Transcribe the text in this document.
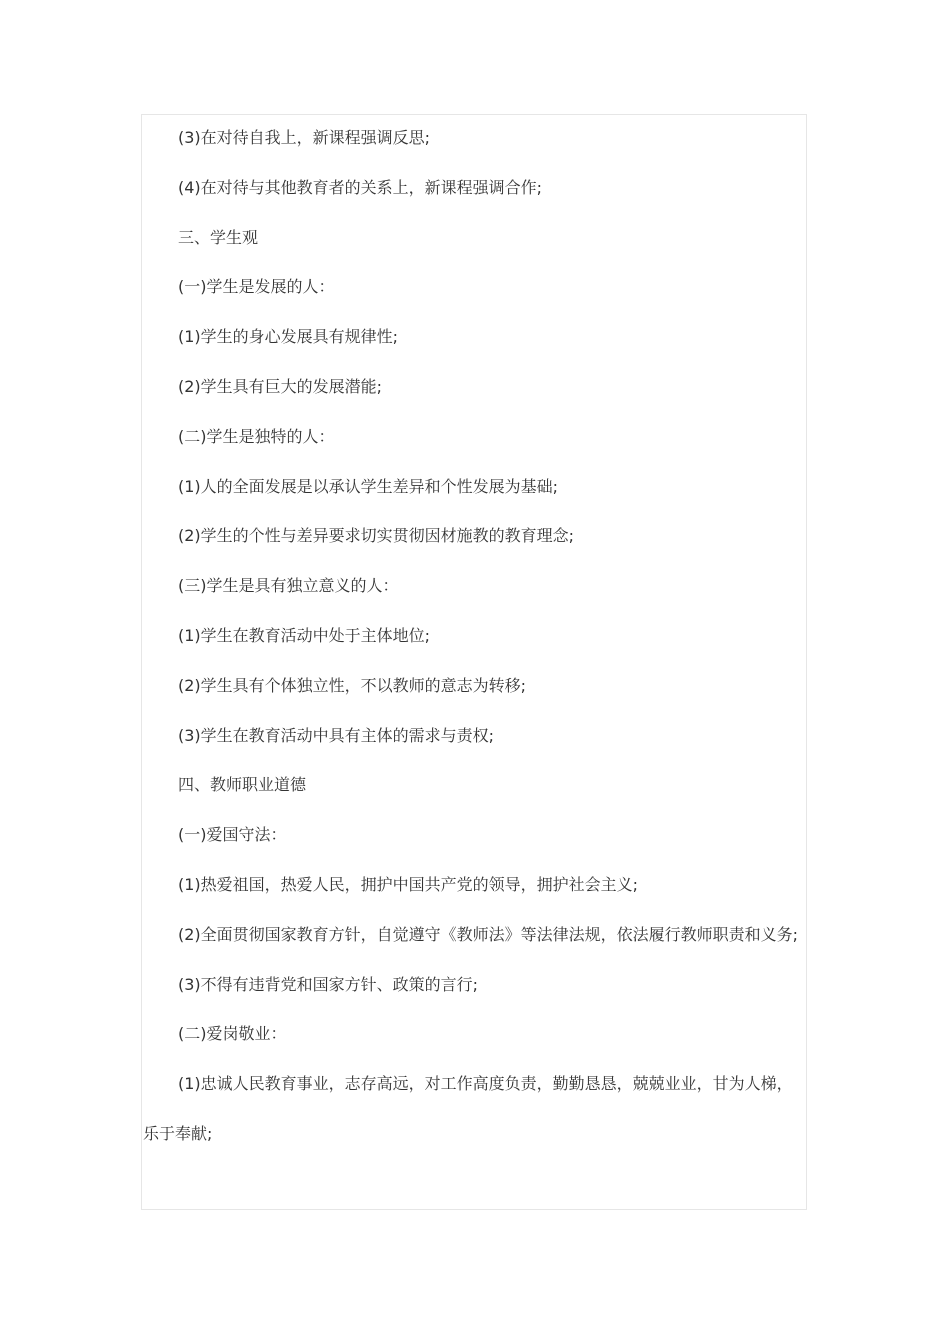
(3)在对待自我上，新课程强调反思;

(4)在对待与其他教育者的关系上，新课程强调合作;

三、学生观

(一)学生是发展的人：

(1)学生的身心发展具有规律性;

(2)学生具有巨大的发展潜能;

(二)学生是独特的人：

(1)人的全面发展是以承认学生差异和个性发展为基础;

(2)学生的个性与差异要求切实贯彻因材施教的教育理念;

(三)学生是具有独立意义的人：

(1)学生在教育活动中处于主体地位;

(2)学生具有个体独立性，不以教师的意志为转移;

(3)学生在教育活动中具有主体的需求与责权;

四、教师职业道德

(一)爱国守法：

(1)热爱祖国，热爱人民，拥护中国共产党的领导，拥护社会主义;

(2)全面贯彻国家教育方针，自觉遵守《教师法》等法律法规，依法履行教师职责和义务;

(3)不得有违背党和国家方针、政策的言行;

(二)爱岗敬业：

(1)忠诚人民教育事业，志存高远，对工作高度负责，勤勤恳恳，兢兢业业，甘为人梯，乐于奉献;
